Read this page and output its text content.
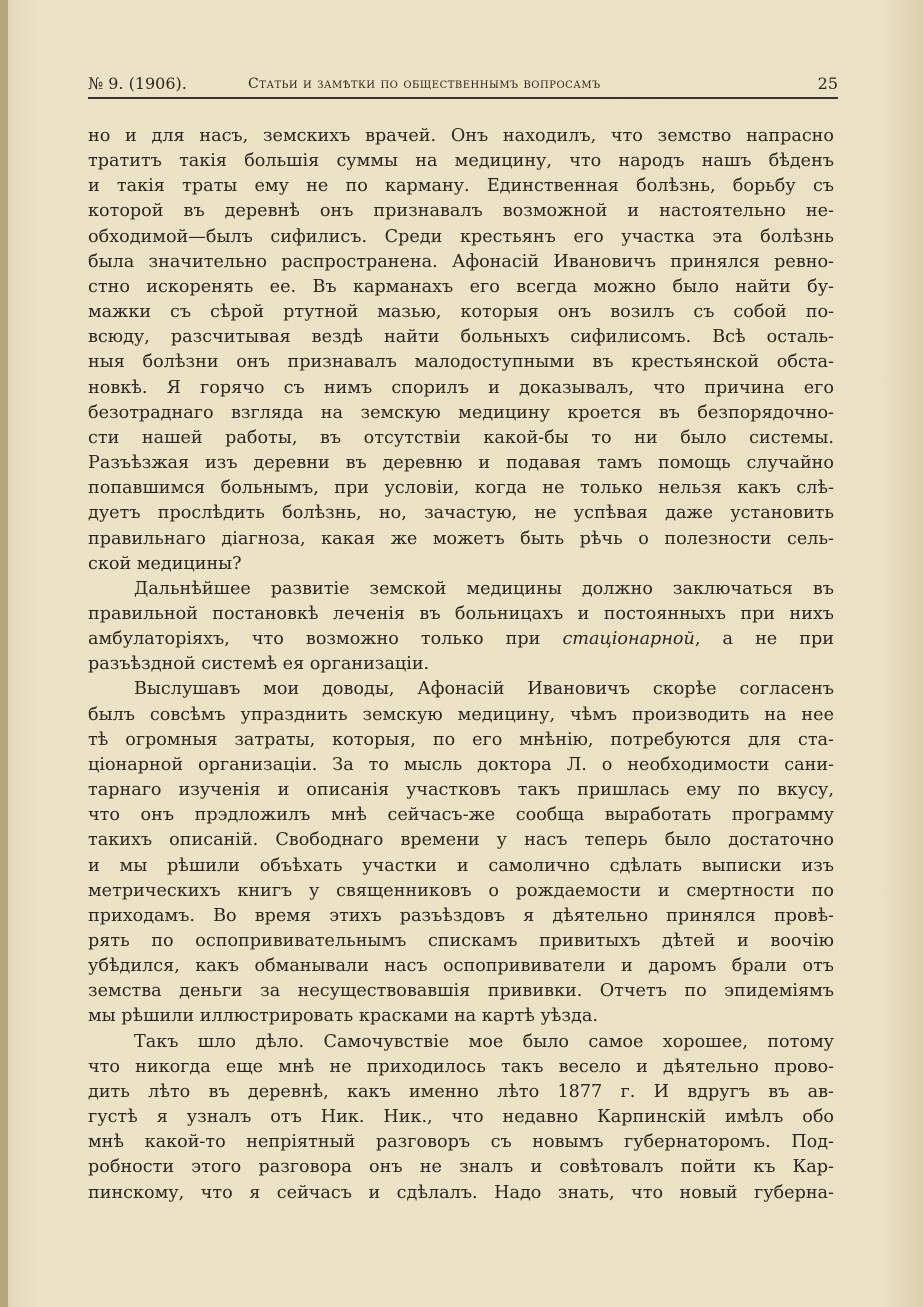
№ 9. (1906).	Статьи и замѣтки по общественнымъ вопросамъ	25

но и для насъ, земскихъ врачей. Онъ находилъ, что земство напрасно
тратитъ такія большія суммы на медицину, что народъ нашъ бѣденъ
и такія траты ему не по карману. Единственная болѣзнь, борьбу съ
которой въ деревнѣ онъ признавалъ возможной и настоятельно не-
обходимой—былъ сифилисъ. Среди крестьянъ его участка эта болѣзнь
была значительно распространена. Афонасій Ивановичъ принялся ревно-
стно искоренять ее. Въ карманахъ его всегда можно было найти бу-
мажки съ сѣрой ртутной мазью, которыя онъ возилъ съ собой по-
всюду, разсчитывая вездѣ найти больныхъ сифилисомъ. Всѣ осталь-
ныя болѣзни онъ признавалъ малодоступными въ крестьянской обста-
новкѣ. Я горячо съ нимъ спорилъ и доказывалъ, что причина его
безотраднаго взгляда на земскую медицину кроется въ безпорядочно-
сти нашей работы, въ отсутствіи какой-бы то ни было системы.
Разъѣзжая изъ деревни въ деревню и подавая тамъ помощь случайно
попавшимся больнымъ, при условіи, когда не только нельзя какъ слѣ-
дуетъ прослѣдить болѣзнь, но, зачастую, не успѣвая даже установить
правильнаго діагноза, какая же можетъ быть рѣчь о полезности сель-
ской медицины?

Дальнѣйшее развитіе земской медицины должно заключаться въ
правильной постановкѣ леченія въ больницахъ и постоянныхъ при нихъ
амбулаторіяхъ, что возможно только при стаціонарной, а не при
разъѣздной системѣ ея организаціи.

Выслушавъ мои доводы, Афонасій Ивановичъ скорѣе согласенъ
былъ совсѣмъ упразднить земскую медицину, чѣмъ производить на нее
тѣ огромныя затраты, которыя, по его мнѣнію, потребуются для ста-
ціонарной организаціи. За то мысль доктора Л. о необходимости сани-
тарнаго изученія и описанія участковъ такъ пришлась ему по вкусу,
что онъ прэдложилъ мнѣ сейчасъ-же сообща выработать программу
такихъ описаній. Свободнаго времени у насъ теперь было достаточно
и мы рѣшили объѣхать участки и самолично сдѣлать выписки изъ
метрическихъ книгъ у священниковъ о рождаемости и смертности по
приходамъ. Во время этихъ разъѣздовъ я дѣятельно принялся провѣ-
рять по оспопрививательнымъ спискамъ привитыхъ дѣтей и воочію
убѣдился, какъ обманывали насъ оспопрививатели и даромъ брали отъ
земства деньги за несуществовавшія прививки. Отчетъ по эпидеміямъ
мы рѣшили иллюстрировать красками на картѣ уѣзда.

Такъ шло дѣло. Самочувствіе мое было самое хорошее, потому
что никогда еще мнѣ не приходилось такъ весело и дѣятельно прово-
дить лѣто въ деревнѣ, какъ именно лѣто 1877 г. И вдругъ въ ав-
густѣ я узналъ отъ Ник. Ник., что недавно Карпинскій имѣлъ обо
мнѣ какой-то непріятный разговоръ съ новымъ губернаторомъ. Под-
робности этого разговора онъ не зналъ и совѣтовалъ пойти къ Кар-
пинскому, что я сейчасъ и сдѣлалъ. Надо знать, что новый губерна-
